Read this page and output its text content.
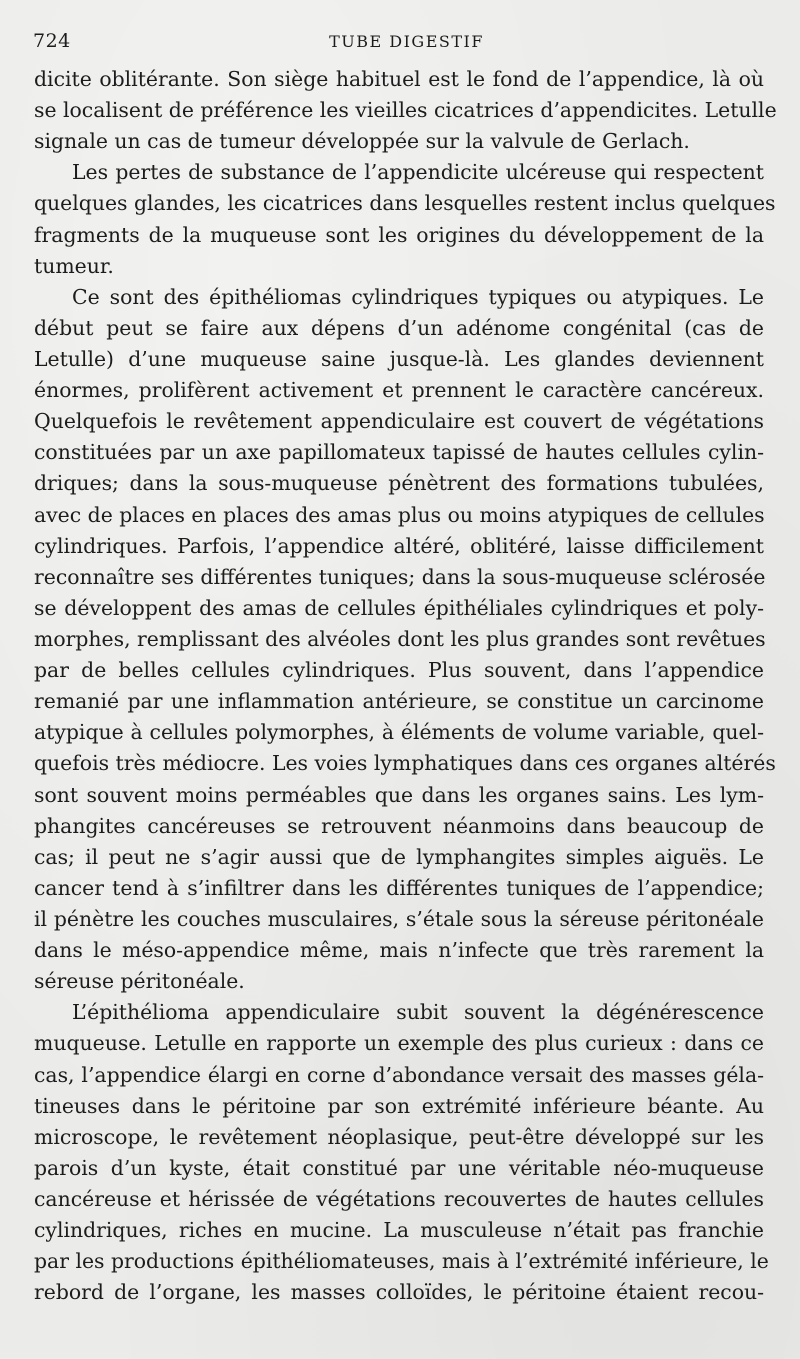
724	TUBE DIGESTIF
dicite oblitérante. Son siège habituel est le fond de l’appendice, là où
se localisent de préférence les vieilles cicatrices d’appendicites. Letulle
signale un cas de tumeur développée sur la valvule de Gerlach.
Les pertes de substance de l’appendicite ulcéreuse qui respectent
quelques glandes, les cicatrices dans lesquelles restent inclus quelques
fragments de la muqueuse sont les origines du développement de la
tumeur.
Ce sont des épithéliomas cylindriques typiques ou atypiques. Le
début peut se faire aux dépens d’un adénome congénital (cas de
Letulle) d’une muqueuse saine jusque-là. Les glandes deviennent
énormes, prolifèrent activement et prennent le caractère cancéreux.
Quelquefois le revêtement appendiculaire est couvert de végétations
constituées par un axe papillomateux tapissé de hautes cellules cylin-
driques; dans la sous-muqueuse pénètrent des formations tubulées,
avec de places en places des amas plus ou moins atypiques de cellules
cylindriques. Parfois, l’appendice altéré, oblitéré, laisse difficilement
reconnaître ses différentes tuniques; dans la sous-muqueuse sclérosée
se développent des amas de cellules épithéliales cylindriques et poly-
morphes, remplissant des alvéoles dont les plus grandes sont revêtues
par de belles cellules cylindriques. Plus souvent, dans l’appendice
remanié par une inflammation antérieure, se constitue un carcinome
atypique à cellules polymorphes, à éléments de volume variable, quel-
quefois très médiocre. Les voies lymphatiques dans ces organes altérés
sont souvent moins perméables que dans les organes sains. Les lym-
phangites cancéreuses se retrouvent néanmoins dans beaucoup de
cas; il peut ne s’agir aussi que de lymphangites simples aiguës. Le
cancer tend à s’infiltrer dans les différentes tuniques de l’appendice;
il pénètre les couches musculaires, s’étale sous la séreuse péritonéale
dans le méso-appendice même, mais n’infecte que très rarement la
séreuse péritonéale.
L’épithélioma appendiculaire subit souvent la dégénérescence
muqueuse. Letulle en rapporte un exemple des plus curieux : dans ce
cas, l’appendice élargi en corne d’abondance versait des masses géla-
tineuses dans le péritoine par son extrémité inférieure béante. Au
microscope, le revêtement néoplasique, peut-être développé sur les
parois d’un kyste, était constitué par une véritable néo-muqueuse
cancéreuse et hérissée de végétations recouvertes de hautes cellules
cylindriques, riches en mucine. La musculeuse n’était pas franchie
par les productions épithéliomateuses, mais à l’extrémité inférieure, le
rebord de l’organe, les masses colloïdes, le péritoine étaient recou-
